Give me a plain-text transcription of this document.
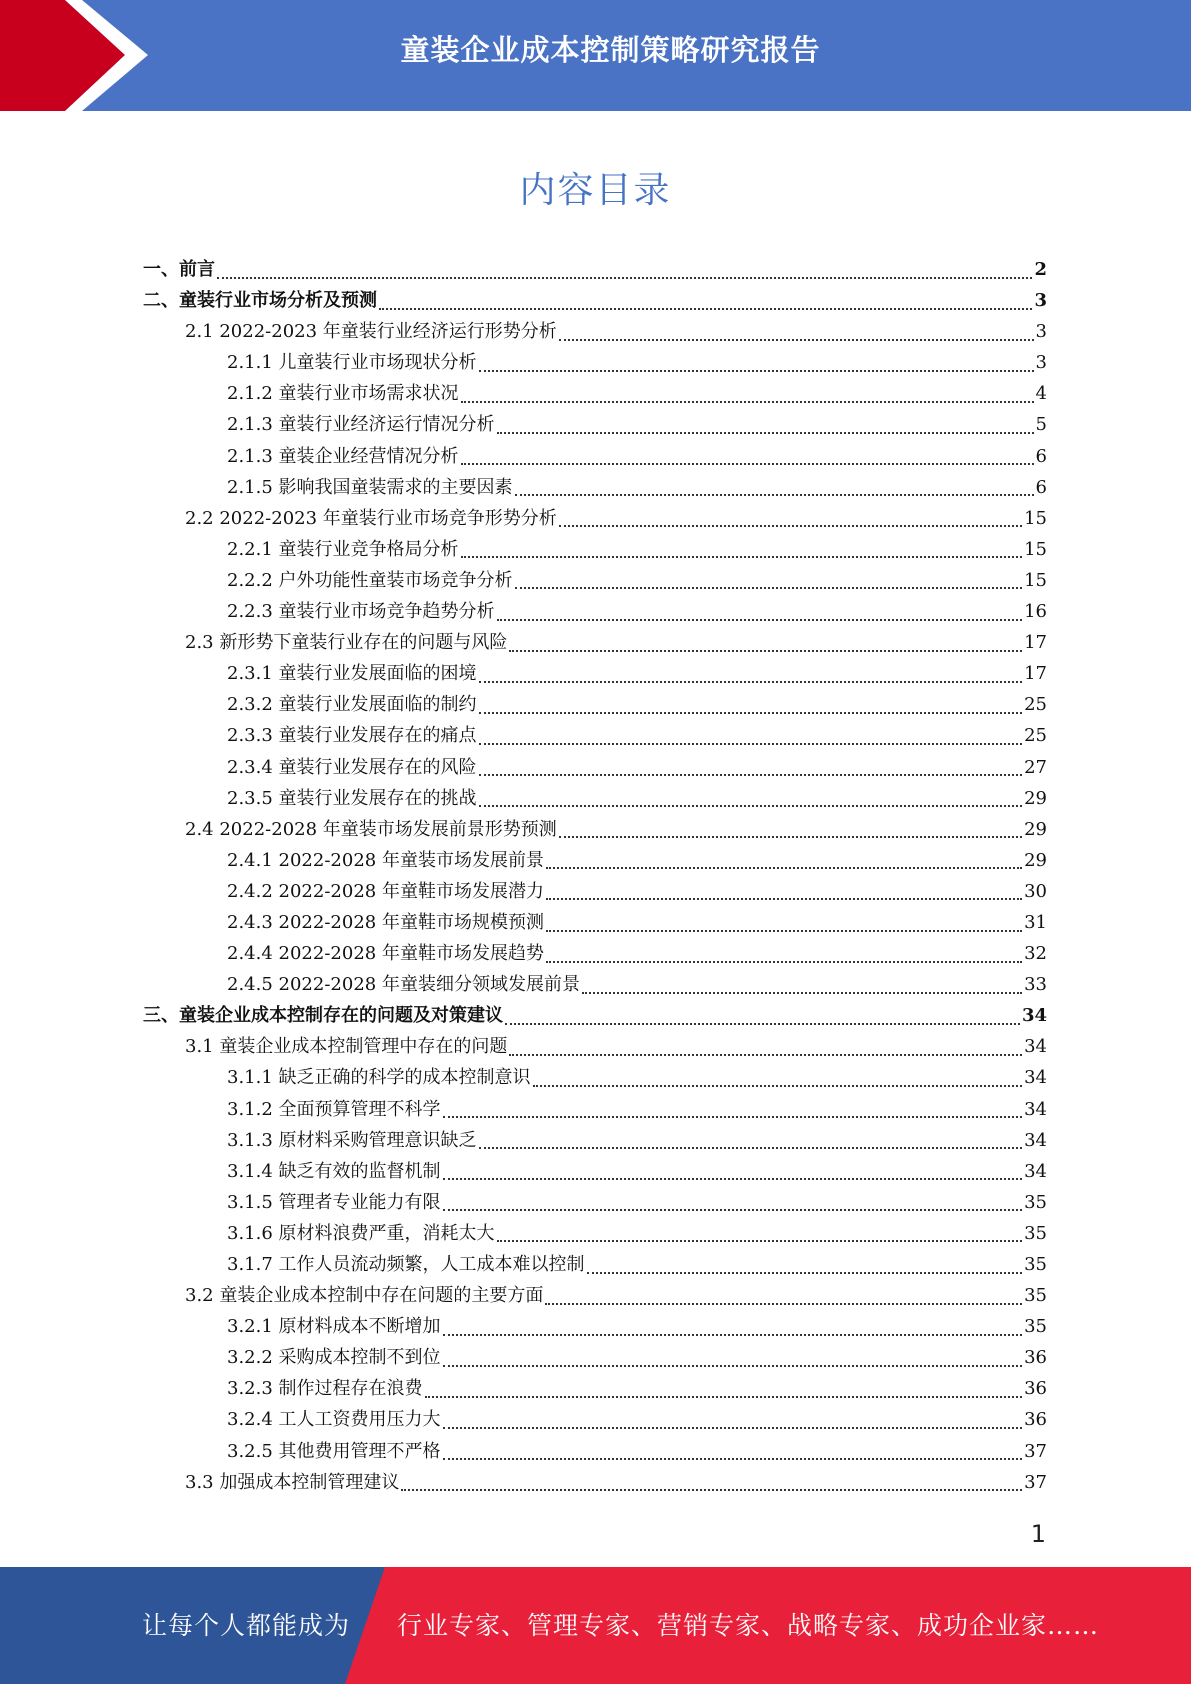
童装企业成本控制策略研究报告
内容目录
一、前言	2
二、童装行业市场分析及预测	3
2.1 2022-2023 年童装行业经济运行形势分析	3
2.1.1 儿童装行业市场现状分析	3
2.1.2 童装行业市场需求状况	4
2.1.3 童装行业经济运行情况分析	5
2.1.3 童装企业经营情况分析	6
2.1.5 影响我国童装需求的主要因素	6
2.2 2022-2023 年童装行业市场竞争形势分析	15
2.2.1 童装行业竞争格局分析	15
2.2.2 户外功能性童装市场竞争分析	15
2.2.3 童装行业市场竞争趋势分析	16
2.3 新形势下童装行业存在的问题与风险	17
2.3.1 童装行业发展面临的困境	17
2.3.2 童装行业发展面临的制约	25
2.3.3 童装行业发展存在的痛点	25
2.3.4 童装行业发展存在的风险	27
2.3.5 童装行业发展存在的挑战	29
2.4 2022-2028 年童装市场发展前景形势预测	29
2.4.1 2022-2028 年童装市场发展前景	29
2.4.2 2022-2028 年童鞋市场发展潜力	30
2.4.3 2022-2028 年童鞋市场规模预测	31
2.4.4 2022-2028 年童鞋市场发展趋势	32
2.4.5 2022-2028 年童装细分领域发展前景	33
三、童装企业成本控制存在的问题及对策建议	34
3.1 童装企业成本控制管理中存在的问题	34
3.1.1 缺乏正确的科学的成本控制意识	34
3.1.2 全面预算管理不科学	34
3.1.3 原材料采购管理意识缺乏	34
3.1.4 缺乏有效的监督机制	34
3.1.5 管理者专业能力有限	35
3.1.6 原材料浪费严重，消耗太大	35
3.1.7 工作人员流动频繁，人工成本难以控制	35
3.2 童装企业成本控制中存在问题的主要方面	35
3.2.1 原材料成本不断增加	35
3.2.2 采购成本控制不到位	36
3.2.3 制作过程存在浪费	36
3.2.4 工人工资费用压力大	36
3.2.5 其他费用管理不严格	37
3.3 加强成本控制管理建议	37
1
让每个人都能成为 行业专家、管理专家、营销专家、战略专家、成功企业家……
